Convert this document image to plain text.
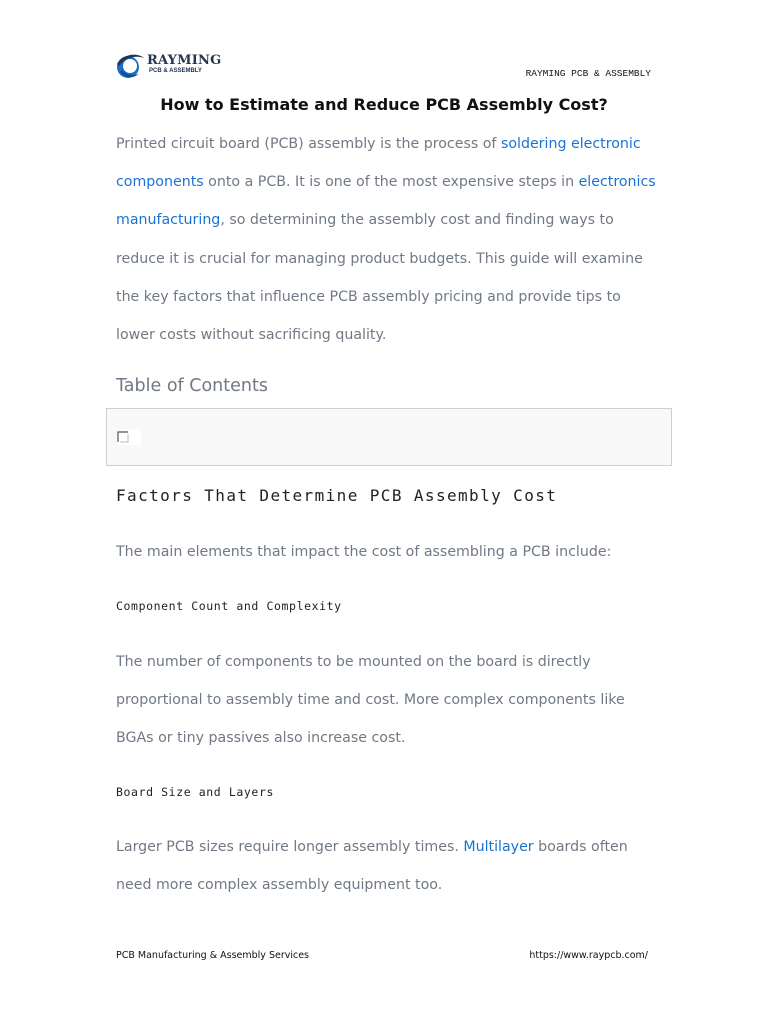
RAYMING
PCB & ASSEMBLY	RAYMING PCB & ASSEMBLY
How to Estimate and Reduce PCB Assembly Cost?
Printed circuit board (PCB) assembly is the process of soldering electronic components onto a PCB. It is one of the most expensive steps in electronics manufacturing, so determining the assembly cost and finding ways to reduce it is crucial for managing product budgets. This guide will examine the key factors that influence PCB assembly pricing and provide tips to lower costs without sacrificing quality.
Table of Contents
Factors That Determine PCB Assembly Cost
The main elements that impact the cost of assembling a PCB include:
Component Count and Complexity
The number of components to be mounted on the board is directly proportional to assembly time and cost. More complex components like BGAs or tiny passives also increase cost.
Board Size and Layers
Larger PCB sizes require longer assembly times. Multilayer boards often need more complex assembly equipment too.
PCB Manufacturing & Assembly Services	https://www.raypcb.com/
